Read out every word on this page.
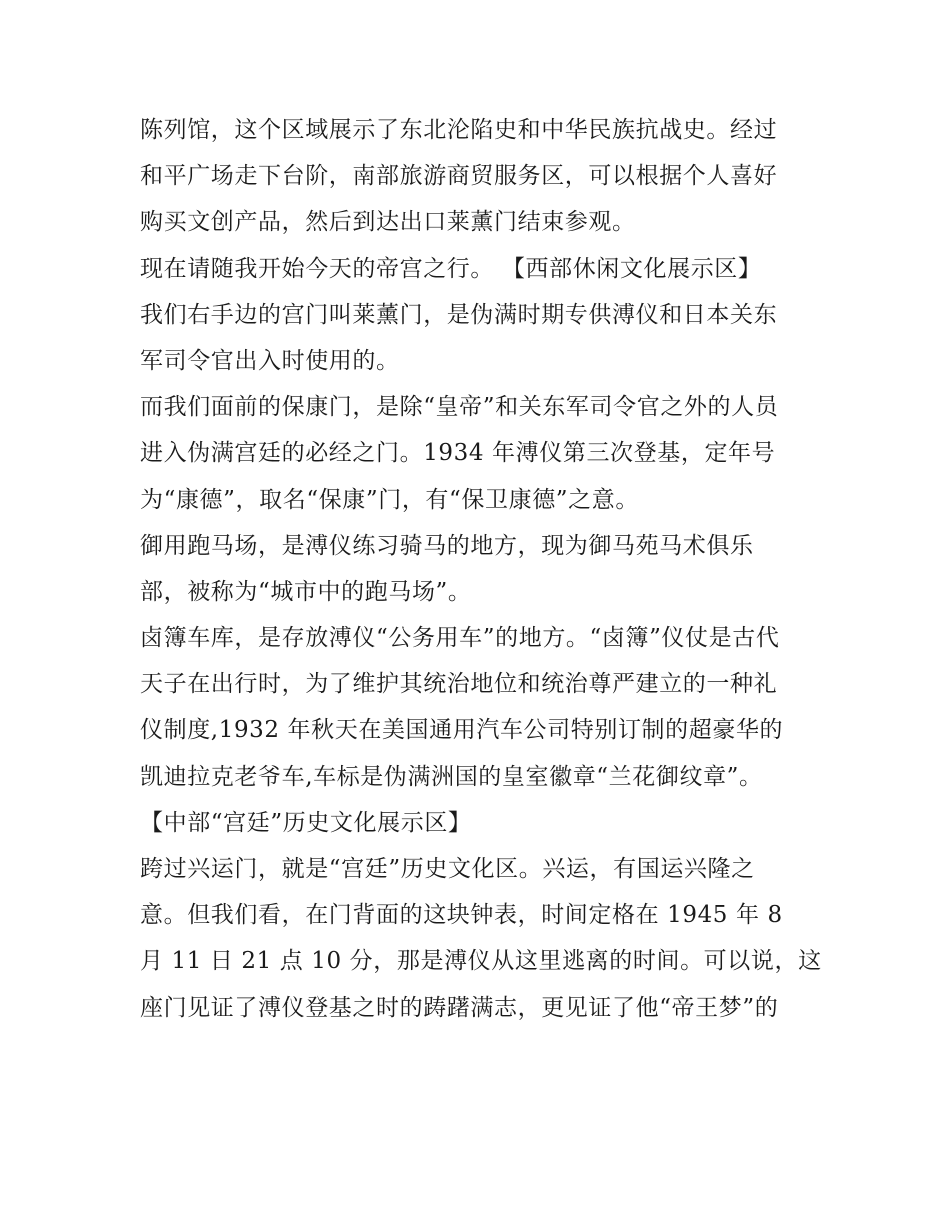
陈列馆，这个区域展示了东北沦陷史和中华民族抗战史。经过
和平广场走下台阶，南部旅游商贸服务区，可以根据个人喜好
购买文创产品，然后到达出口莱薰门结束参观。
现在请随我开始今天的帝宫之行。 【西部休闲文化展示区】
我们右手边的宫门叫莱薰门，是伪满时期专供溥仪和日本关东
军司令官出入时使用的。
而我们面前的保康门，是除“皇帝”和关东军司令官之外的人员
进入伪满宫廷的必经之门。1934 年溥仪第三次登基，定年号
为“康德”，取名“保康”门，有“保卫康德”之意。
御用跑马场，是溥仪练习骑马的地方，现为御马苑马术俱乐
部，被称为“城市中的跑马场”。
卤簿车库，是存放溥仪“公务用车”的地方。“卤簿”仪仗是古代
天子在出行时，为了维护其统治地位和统治尊严建立的一种礼
仪制度,1932 年秋天在美国通用汽车公司特别订制的超豪华的
凯迪拉克老爷车,车标是伪满洲国的皇室徽章“兰花御纹章”。
【中部“宫廷”历史文化展示区】
跨过兴运门，就是“宫廷”历史文化区。兴运，有国运兴隆之
意。但我们看，在门背面的这块钟表，时间定格在 1945 年 8
月 11 日 21 点 10 分，那是溥仪从这里逃离的时间。可以说，这
座门见证了溥仪登基之时的踌躇满志，更见证了他“帝王梦”的
